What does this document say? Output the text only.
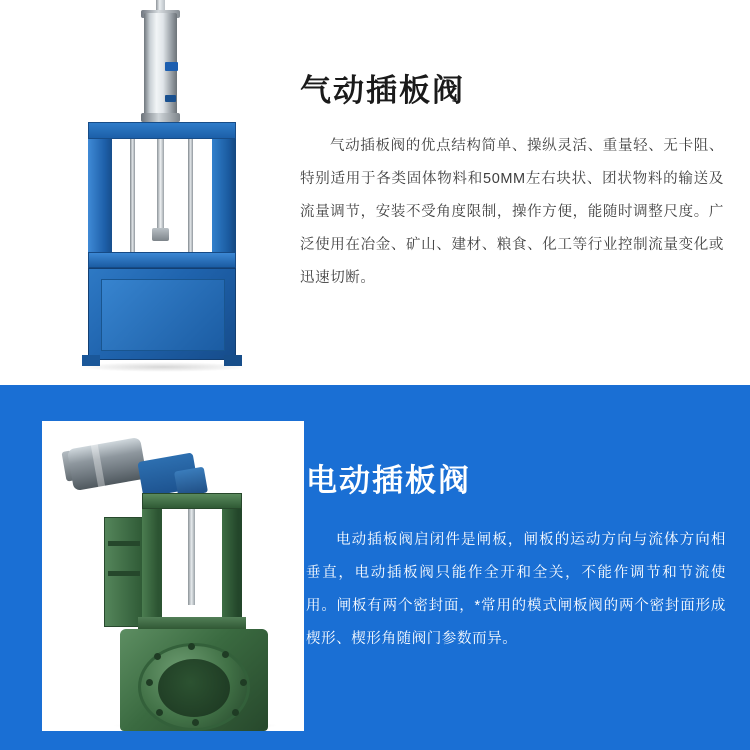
气动插板阀

气动插板阀的优点结构简单、操纵灵活、重量轻、无卡阻、特别适用于各类固体物料和50MM左右块状、团状物料的输送及流量调节，安装不受角度限制，操作方便，能随时调整尺度。广泛使用在冶金、矿山、建材、粮食、化工等行业控制流量变化或迅速切断。

电动插板阀

电动插板阀启闭件是闸板，闸板的运动方向与流体方向相垂直，电动插板阀只能作全开和全关，不能作调节和节流使用。闸板有两个密封面，*常用的模式闸板阀的两个密封面形成楔形、楔形角随阀门参数而异。
